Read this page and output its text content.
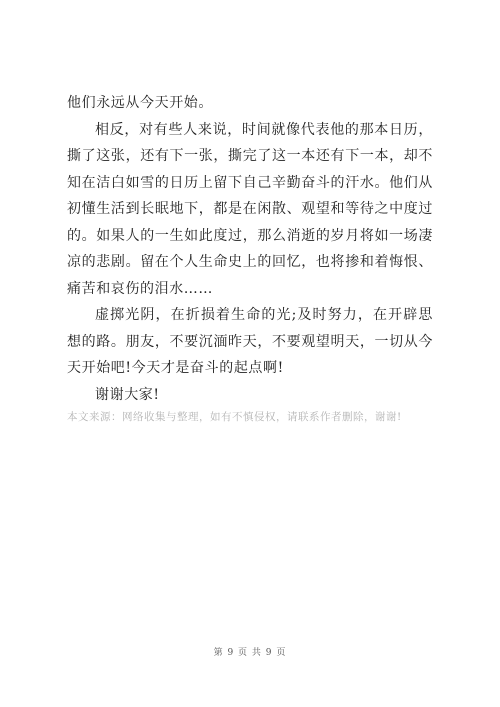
他们永远从今天开始。

相反，对有些人来说，时间就像代表他的那本日历，撕了这张，还有下一张，撕完了这一本还有下一本，却不知在洁白如雪的日历上留下自己辛勤奋斗的汗水。他们从初懂生活到长眠地下，都是在闲散、观望和等待之中度过的。如果人的一生如此度过，那么消逝的岁月将如一场凄凉的悲剧。留在个人生命史上的回忆，也将掺和着悔恨、痛苦和哀伤的泪水……

虚掷光阴，在折损着生命的光;及时努力，在开辟思想的路。朋友，不要沉湎昨天，不要观望明天，一切从今天开始吧!今天才是奋斗的起点啊!

谢谢大家!

本文来源：网络收集与整理，如有不慎侵权，请联系作者删除，谢谢!

第 9 页 共 9 页
